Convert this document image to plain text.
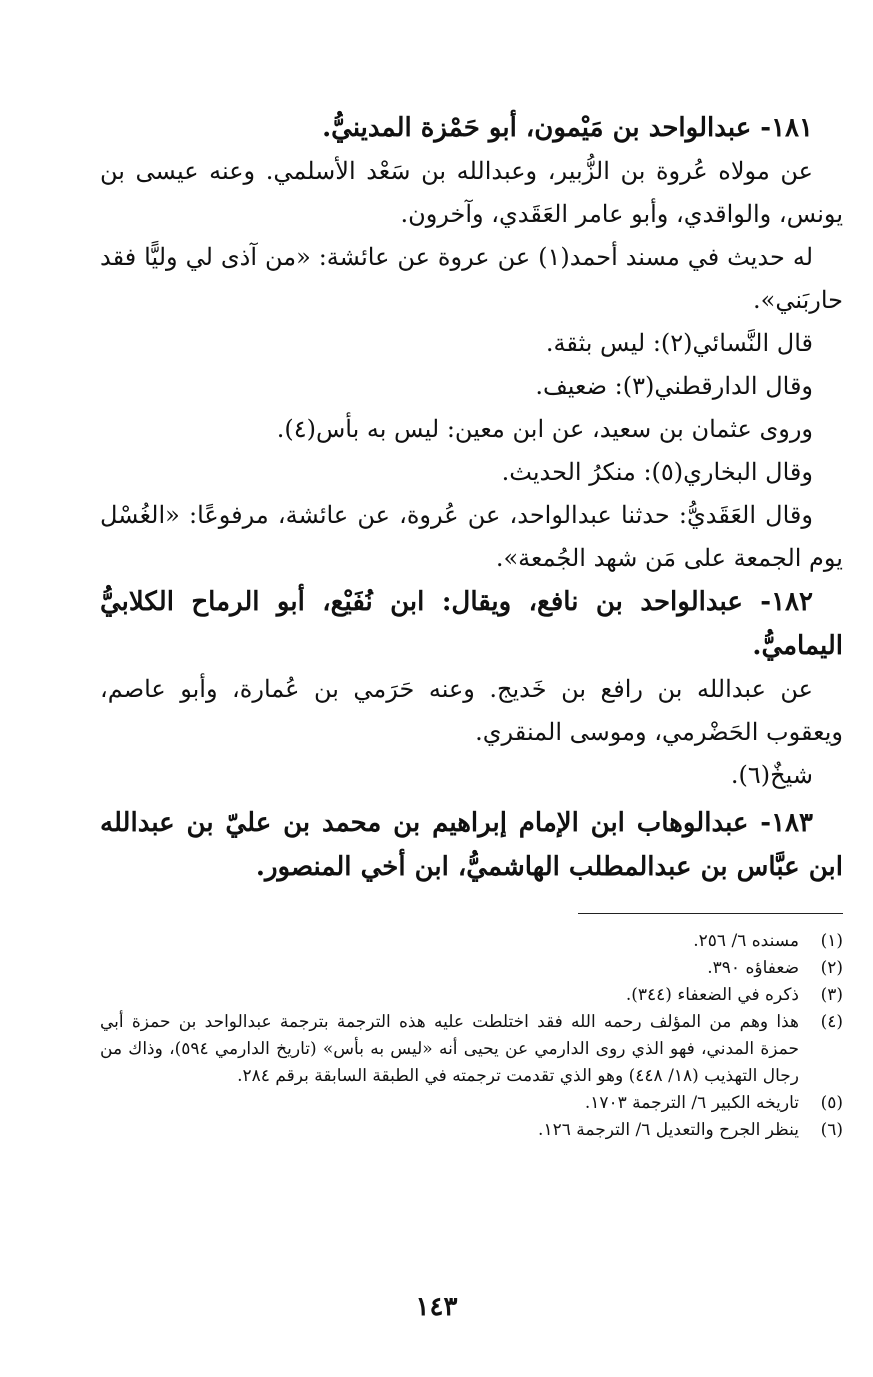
١٨١- عبدالواحد بن مَيْمون، أبو حَمْزة المدينيُّ.

عن مولاه عُروة بن الزُّبير، وعبدالله بن سَعْد الأسلمي. وعنه عيسى بن يونس، والواقدي، وأبو عامر العَقَدي، وآخرون.

له حديث في مسند أحمد(١) عن عروة عن عائشة: «من آذى لي وليًّا فقد حاربَني».

قال النَّسائي(٢): ليس بثقة.

وقال الدارقطني(٣): ضعيف.

وروى عثمان بن سعيد، عن ابن معين: ليس به بأس(٤).

وقال البخاري(٥): منكرُ الحديث.

وقال العَقَديُّ: حدثنا عبدالواحد، عن عُروة، عن عائشة، مرفوعًا: «الغُسْل يوم الجمعة على مَن شهد الجُمعة».

١٨٢- عبدالواحد بن نافع، ويقال: ابن نُفَيْع، أبو الرماح الكلابيُّ اليماميُّ.

عن عبدالله بن رافع بن خَديج. وعنه حَرَمي بن عُمارة، وأبو عاصم، ويعقوب الحَضْرمي، وموسى المنقري.

شيخٌ(٦).

١٨٣- عبدالوهاب ابن الإمام إبراهيم بن محمد بن عليّ بن عبدالله ابن عبَّاس بن عبدالمطلب الهاشميُّ، ابن أخي المنصور.

(١)
مسنده ٦/ ٢٥٦.
(٢)
ضعفاؤه ٣٩٠.
(٣)
ذكره في الضعفاء (٣٤٤).
(٤)
هذا وهم من المؤلف رحمه الله فقد اختلطت عليه هذه الترجمة بترجمة عبدالواحد بن حمزة أبي حمزة المدني، فهو الذي روى الدارمي عن يحيى أنه «ليس به بأس» (تاريخ الدارمي ٥٩٤)، وذاك من رجال التهذيب (١٨/ ٤٤٨) وهو الذي تقدمت ترجمته في الطبقة السابقة برقم ٢٨٤.
(٥)
تاريخه الكبير ٦/ الترجمة ١٧٠٣.
(٦)
ينظر الجرح والتعديل ٦/ الترجمة ١٢٦.
١٤٣
